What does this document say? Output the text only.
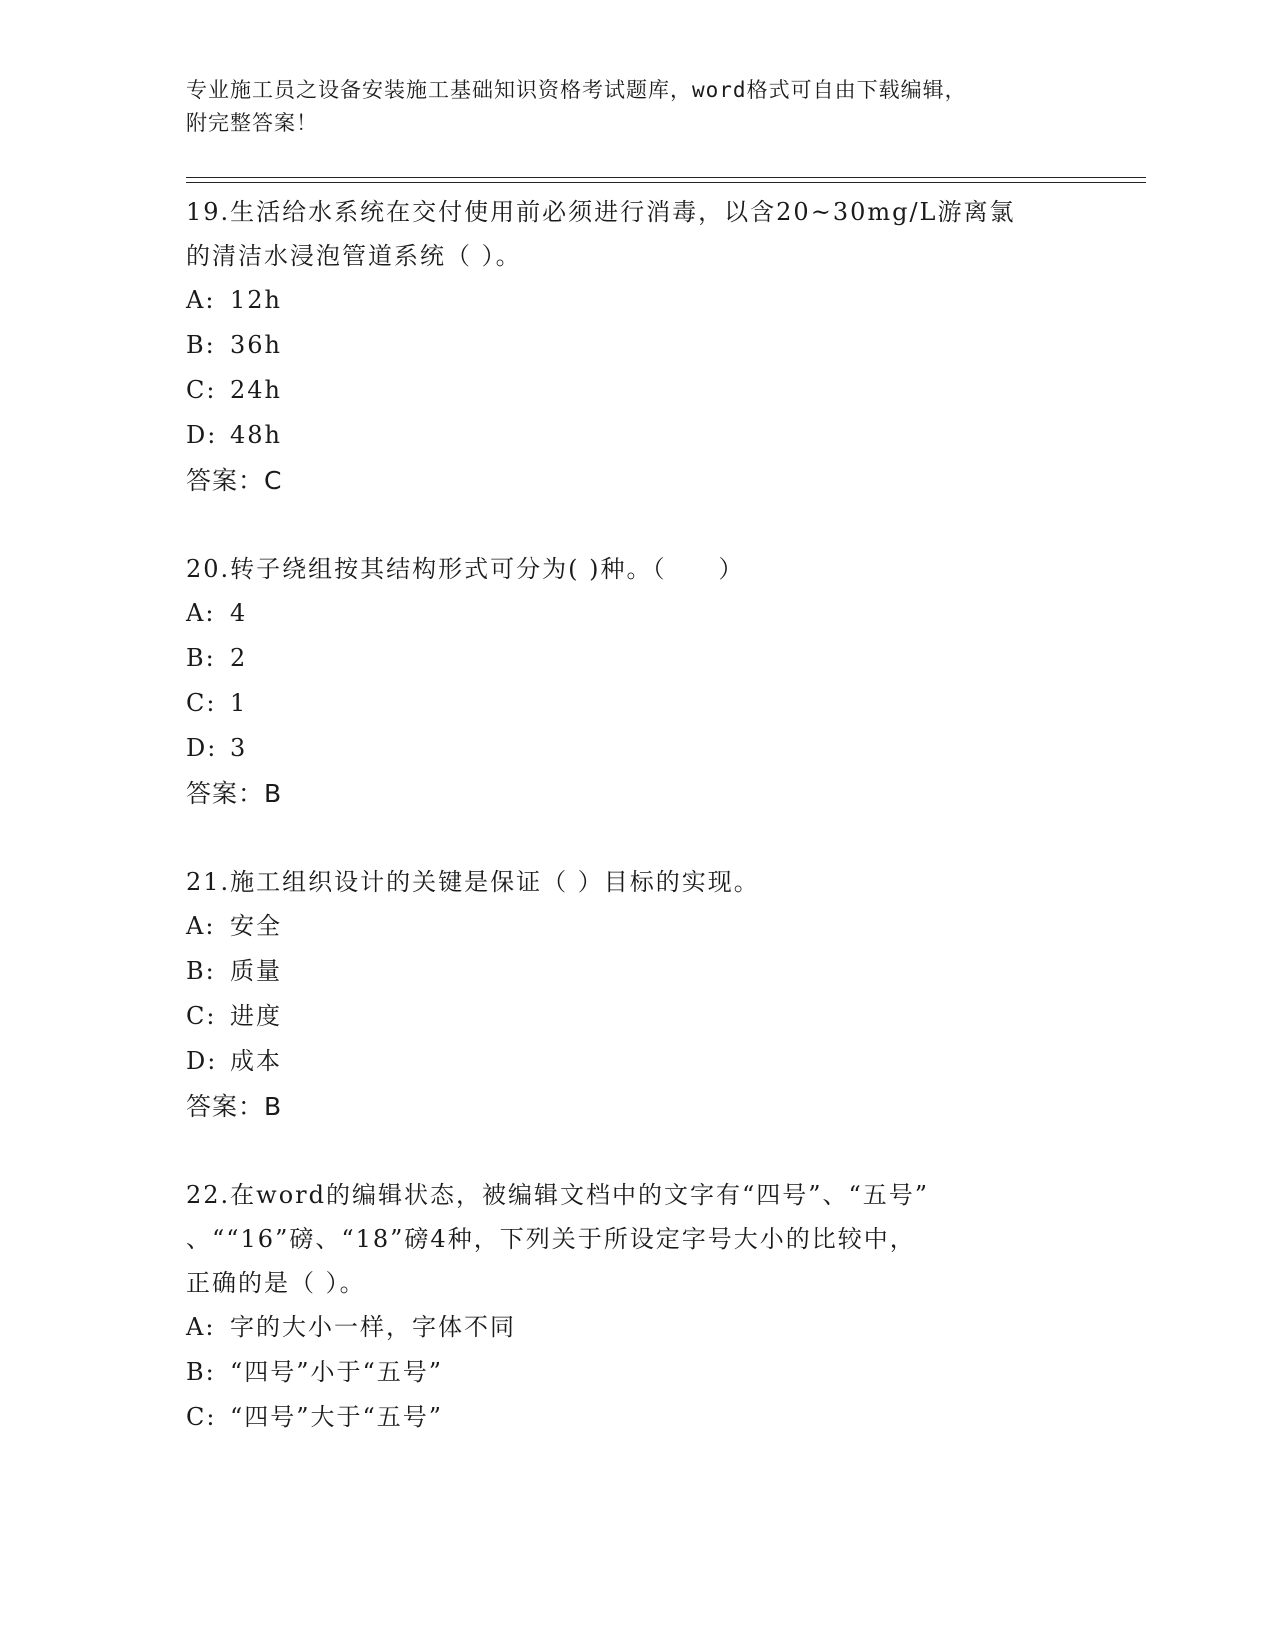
专业施工员之设备安装施工基础知识资格考试题库，word格式可自由下载编辑，
附完整答案！
19.生活给水系统在交付使用前必须进行消毒，以含20~30mg/L游离氯
的清洁水浸泡管道系统（ ）。
A: 12h
B: 36h
C: 24h
D: 48h
答案：C
20.转子绕组按其结构形式可分为( )种。（　　）
A: 4
B: 2
C: 1
D: 3
答案：B
21.施工组织设计的关键是保证（ ）目标的实现。
A: 安全
B: 质量
C: 进度
D: 成本
答案：B
22.在word的编辑状态，被编辑文档中的文字有“四号”、“五号”
、““16”磅、“18”磅4种，下列关于所设定字号大小的比较中，
正确的是（ ）。
A: 字的大小一样，字体不同
B: “四号”小于“五号”
C: “四号”大于“五号”
